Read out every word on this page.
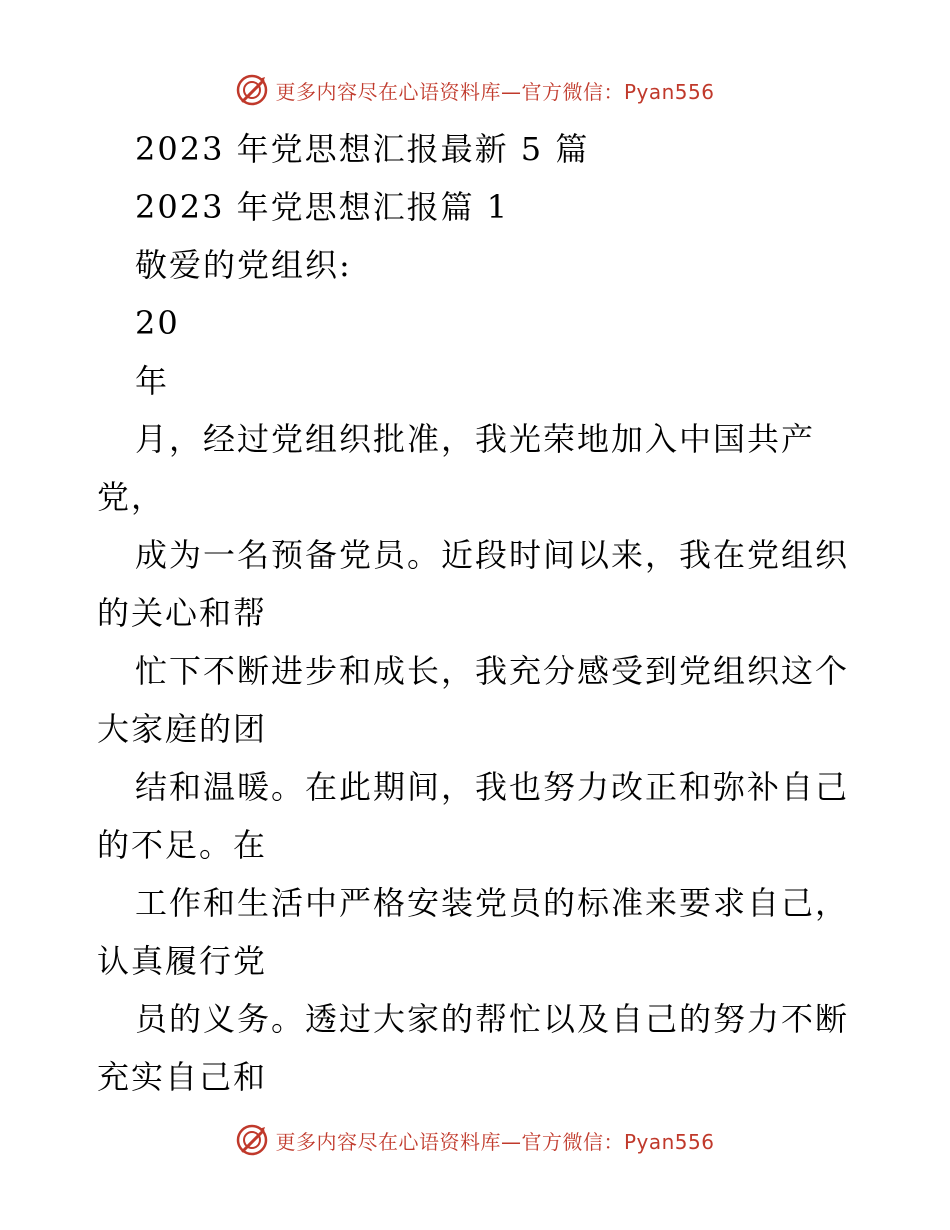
更多内容尽在心语资料库—官方微信：Pyan556
2023 年党思想汇报最新 5 篇
2023 年党思想汇报篇 1
敬爱的党组织:
20
年
月，经过党组织批准，我光荣地加入中国共产
党，
成为一名预备党员。近段时间以来，我在党组织
的关心和帮
忙下不断进步和成长，我充分感受到党组织这个
大家庭的团
结和温暖。在此期间，我也努力改正和弥补自己
的不足。在
工作和生活中严格安装党员的标准来要求自己，
认真履行党
员的义务。透过大家的帮忙以及自己的努力不断
充实自己和
更多内容尽在心语资料库—官方微信：Pyan556
